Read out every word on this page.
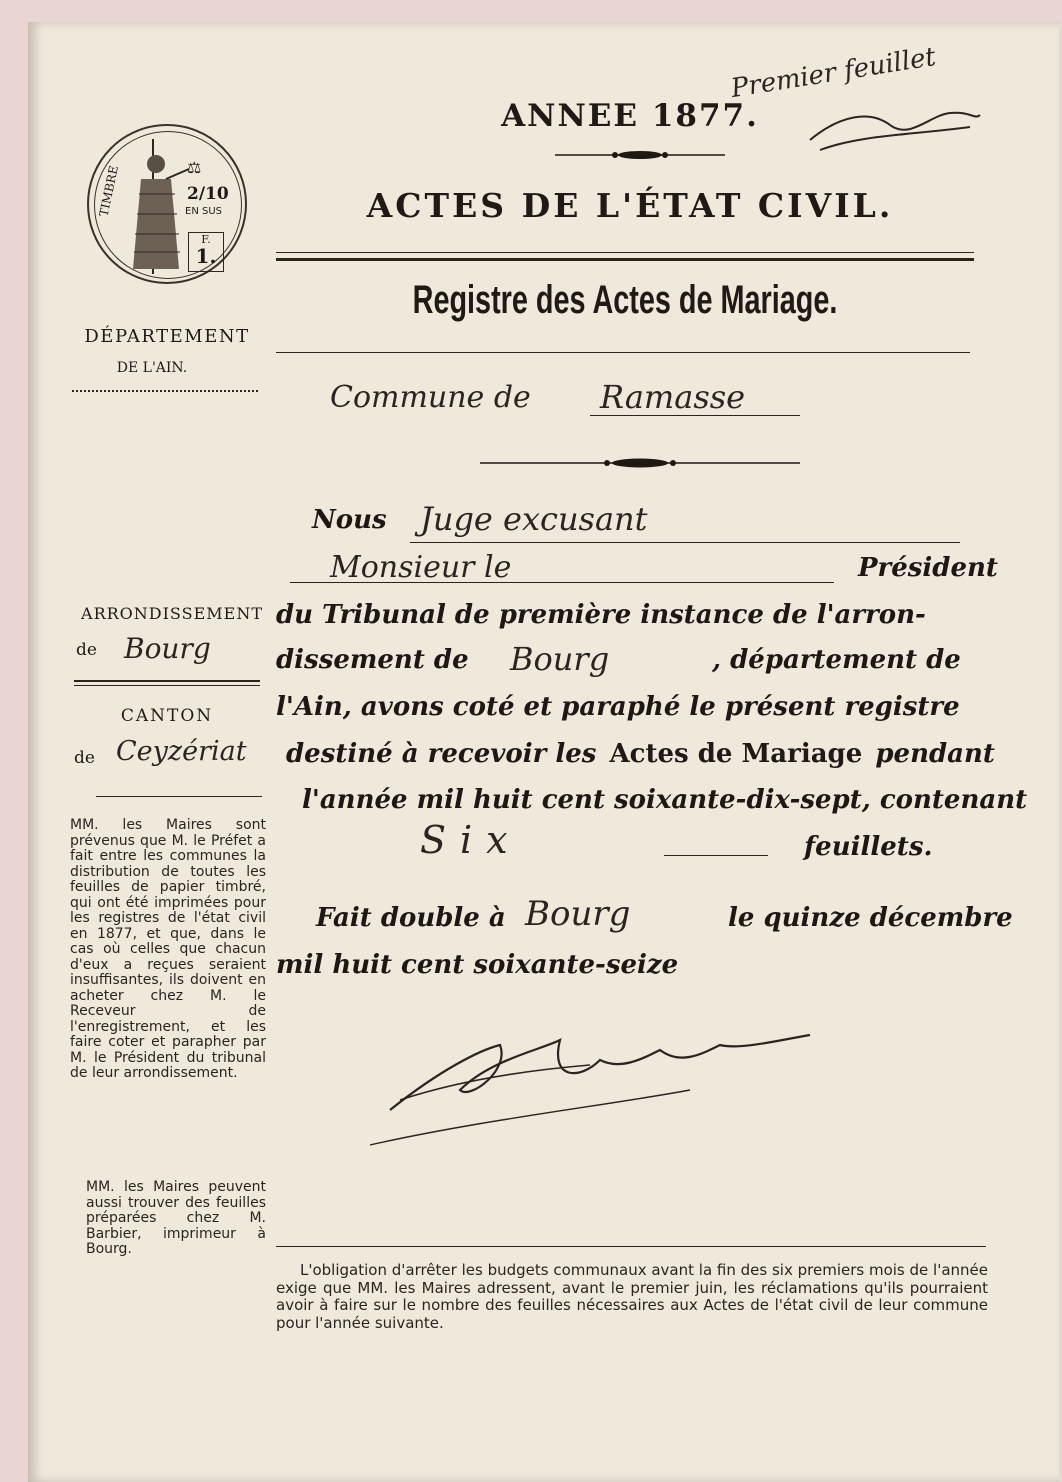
Premier feuillet
TIMBRE	⚖
2/10
EN SUS
F.
1.
ANNEE 1877.
ACTES DE L'ÉTAT CIVIL.
Registre des Actes de Mariage.
Commune de Ramasse
DÉPARTEMENT
DE L'AIN.
ARRONDISSEMENT
de Bourg
CANTON
de Ceyzériat
MM. les Maires sont prévenus que M. le Préfet a fait entre les communes la distribution de toutes les feuilles de papier timbré, qui ont été imprimées pour les registres de l'état civil en 1877, et que, dans le cas où celles que chacun d'eux a reçues seraient insuffisantes, ils doivent en acheter chez M. le Receveur de l'enregistrement, et les faire coter et parapher par M. le Président du tribunal de leur arrondissement.
MM. les Maires peuvent aussi trouver des feuilles préparées chez M. Barbier, imprimeur à Bourg.
Nous Juge excusant
Monsieur le	Président
du Tribunal de première instance de l'arron-
dissement de Bourg	, département de
l'Ain, avons coté et paraphé le présent registre
destiné à recevoir les Actes de Mariage pendant
l'année mil huit cent soixante-dix-sept, contenant
Six	feuillets.
Fait double à Bourg	le quinze décembre
mil huit cent soixante-seize
L'obligation d'arrêter les budgets communaux avant la fin des six premiers mois de l'année exige que MM. les Maires adressent, avant le premier juin, les réclamations qu'ils pourraient avoir à faire sur le nombre des feuilles nécessaires aux Actes de l'état civil de leur commune pour l'année suivante.
